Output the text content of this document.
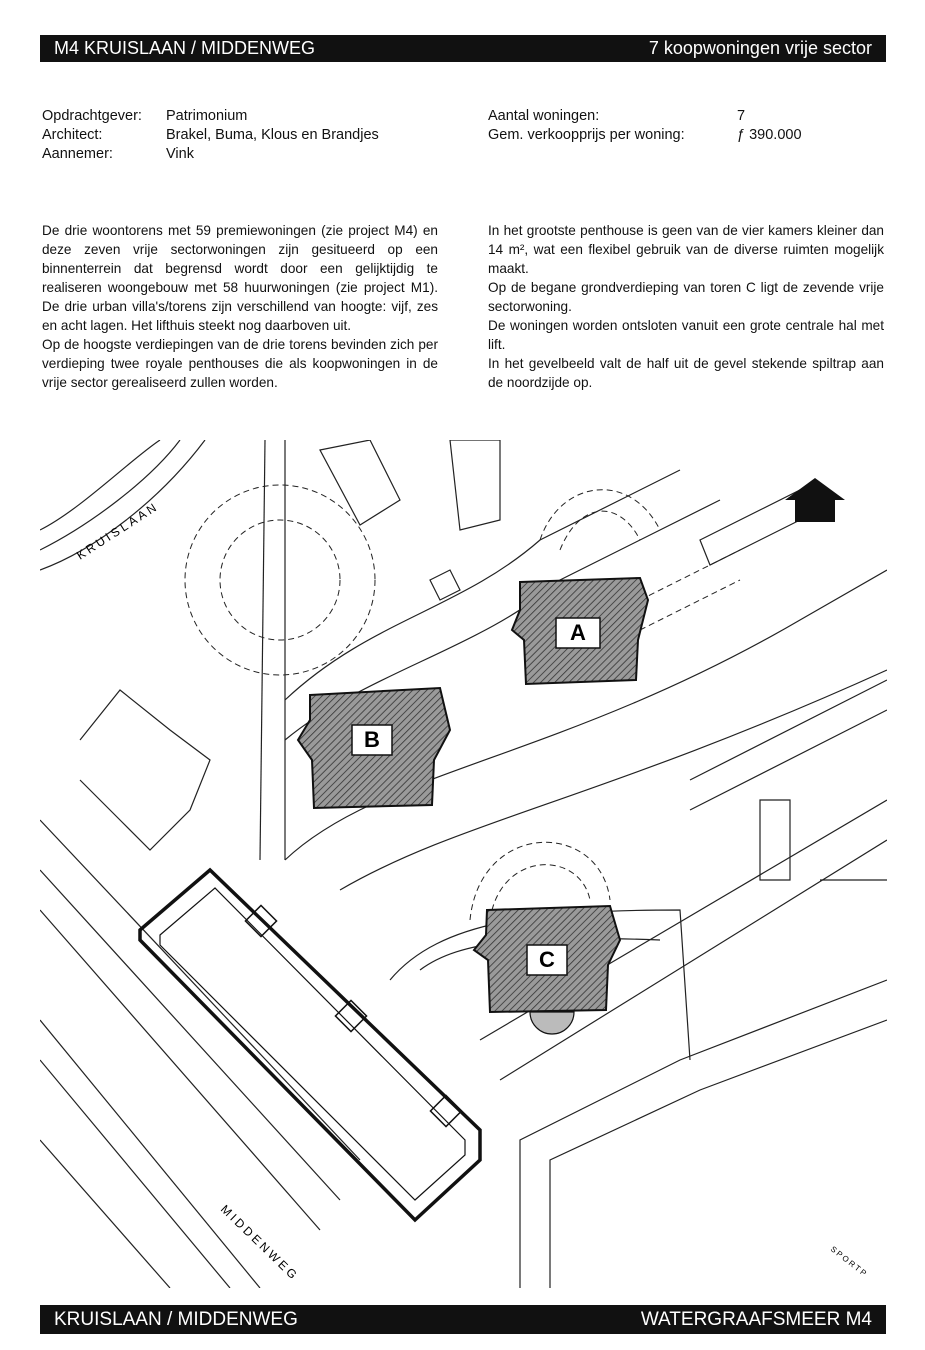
M4 KRUISLAAN / MIDDENWEG	7 koopwoningen vrije sector
Opdrachtgever:	Patrimonium
Architect:	Brakel, Buma, Klous en Brandjes
Aannemer:	Vink
Aantal woningen:	7
Gem. verkoopprijs per woning:	ƒ 390.000

De drie woontorens met 59 premiewoningen (zie project M4) en deze zeven vrije sectorwoningen zijn gesitueerd op een binnenterrein dat begrensd wordt door een gelijktijdig te realiseren woongebouw met 58 huurwoningen (zie project M1). De drie urban villa's/torens zijn verschillend van hoogte: vijf, zes en acht lagen. Het lifthuis steekt nog daarboven uit.

Op de hoogste verdiepingen van de drie torens bevinden zich per verdieping twee royale penthouses die als koopwoningen in de vrije sector gerealiseerd zullen worden.

In het grootste penthouse is geen van de vier kamers kleiner dan 14 m², wat een flexibel gebruik van de diverse ruimten mogelijk maakt.

Op de begane grondverdieping van toren C ligt de zevende vrije sectorwoning.

De woningen worden ontsloten vanuit een grote centrale hal met lift.

In het gevelbeeld valt de half uit de gevel stekende spiltrap aan de noordzijde op.

A
B
C
KRUISLAAN
MIDDENWEG	SPORTP
KRUISLAAN / MIDDENWEG	WATERGRAAFSMEER M4
